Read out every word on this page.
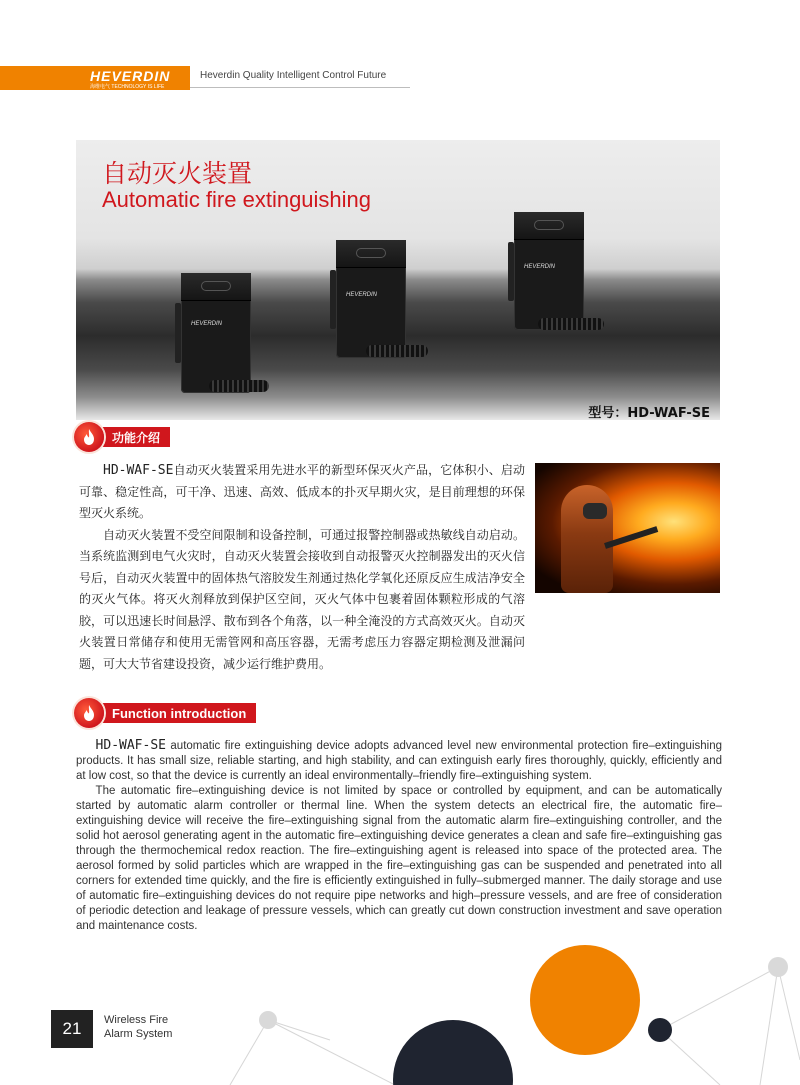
HEVERDIN
海维电气 TECHNOLOGY IS LIFE
Heverdin Quality Intelligent Control Future
自动灭火装置
Automatic fire extinguishing
HEVERDIN
HEVERDIN
HEVERDIN
型号：HD-WAF-SE
功能介绍

HD-WAF-SE自动灭火装置采用先进水平的新型环保灭火产品，它体积小、启动可靠、稳定性高，可干净、迅速、高效、低成本的扑灭早期火灾，是目前理想的环保型灭火系统。

自动灭火装置不受空间限制和设备控制，可通过报警控制器或热敏线自动启动。当系统监测到电气火灾时，自动灭火装置会接收到自动报警灭火控制器发出的灭火信号后，自动灭火装置中的固体热气溶胶发生剂通过热化学氧化还原反应生成洁净安全的灭火气体。将灭火剂释放到保护区空间，灭火气体中包裹着固体颗粒形成的气溶胶，可以迅速长时间悬浮、散布到各个角落，以一种全淹没的方式高效灭火。自动灭火装置日常储存和使用无需管网和高压容器，无需考虑压力容器定期检测及泄漏问题，可大大节省建设投资，减少运行维护费用。

Function introduction

HD-WAF-SE automatic fire extinguishing device adopts advanced level new environmental protection fire–extinguishing products. It has small size, reliable starting, and high stability, and can extinguish early fires thoroughly, quickly, efficiently and at low cost, so that the device is currently an ideal environmentally–friendly fire–extinguishing system.

The automatic fire–extinguishing device is not limited by space or controlled by equipment, and can be automatically started by automatic alarm controller or thermal line. When the system detects an electrical fire, the automatic fire–extinguishing device will receive the fire–extinguishing signal from the automatic alarm fire–extinguishing controller, and the solid hot aerosol generating agent in the automatic fire–extinguishing device generates a clean and safe fire–extinguishing gas through the thermochemical redox reaction. The fire–extinguishing agent is released into space of the protected area. The aerosol formed by solid particles which are wrapped in the fire–extinguishing gas can be suspended and penetrated into all corners for extended time quickly, and the fire is efficiently extinguished in fully–submerged manner. The daily storage and use of automatic fire–extinguishing devices do not require pipe networks and high–pressure vessels, and are free of consideration of periodic detection and leakage of pressure vessels, which can greatly cut down construction investment and save operation and maintenance costs.

21	Wireless Fire
Alarm System
